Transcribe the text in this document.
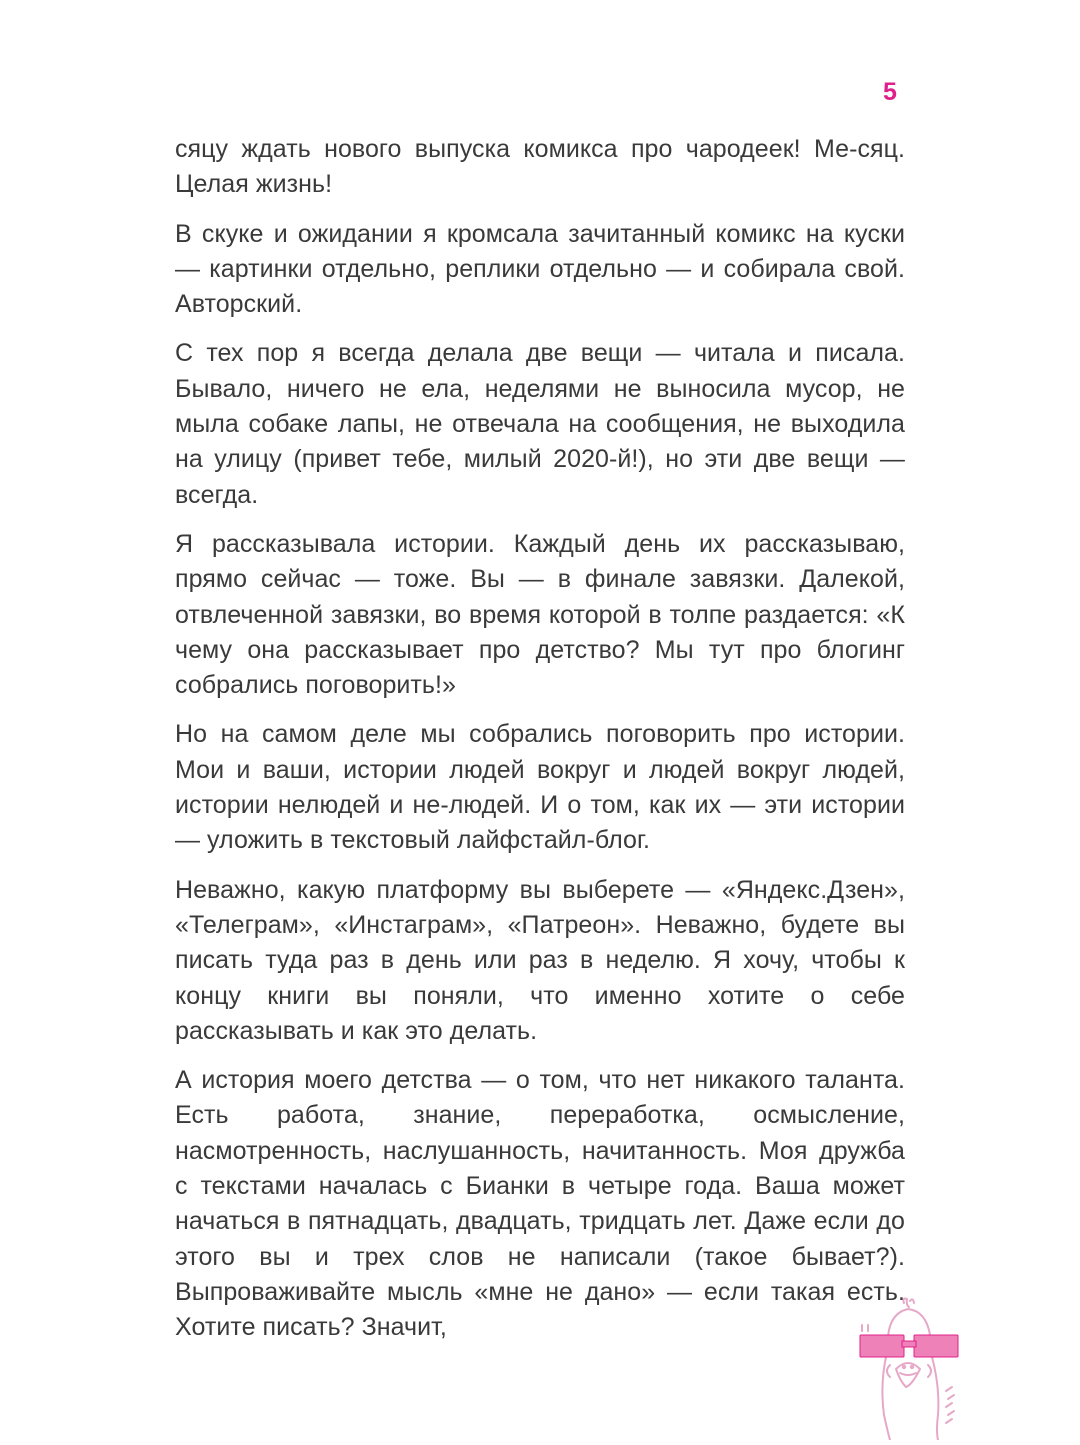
5

сяцу ждать нового выпуска комикса про чародеек! Ме-сяц. Целая жизнь!

В скуке и ожидании я кромсала зачитанный комикс на куски — картинки отдельно, реплики отдельно — и собирала свой. Авторский.

С тех пор я всегда делала две вещи — читала и писала. Бывало, ничего не ела, неделями не выносила мусор, не мыла собаке лапы, не отвечала на сообщения, не выходила на улицу (привет тебе, милый 2020-й!), но эти две вещи — всегда.

Я рассказывала истории. Каждый день их рассказываю, прямо сейчас — тоже. Вы — в финале завязки. Далекой, отвлеченной завязки, во время которой в толпе раздается: «К чему она рассказывает про детство? Мы тут про блогинг собрались поговорить!»

Но на самом деле мы собрались поговорить про истории. Мои и ваши, истории людей вокруг и людей вокруг людей, истории нелюдей и не-людей. И о том, как их — эти истории — уложить в текстовый лайфстайл-блог.

Неважно, какую платформу вы выберете — «Яндекс.Дзен», «Телеграм», «Инстаграм», «Патреон». Неважно, будете вы писать туда раз в день или раз в неделю. Я хочу, чтобы к концу книги вы поняли, что именно хотите о себе рассказывать и как это делать.

А история моего детства — о том, что нет никакого таланта. Есть работа, знание, переработка, осмысление, насмотренность, наслушанность, начитанность. Моя дружба с текстами началась с Бианки в четыре года. Ваша может начаться в пятнадцать, двадцать, тридцать лет. Даже если до этого вы и трех слов не написали (такое бывает?). Выпроваживайте мысль «мне не дано» — если такая есть. Хотите писать? Значит,
